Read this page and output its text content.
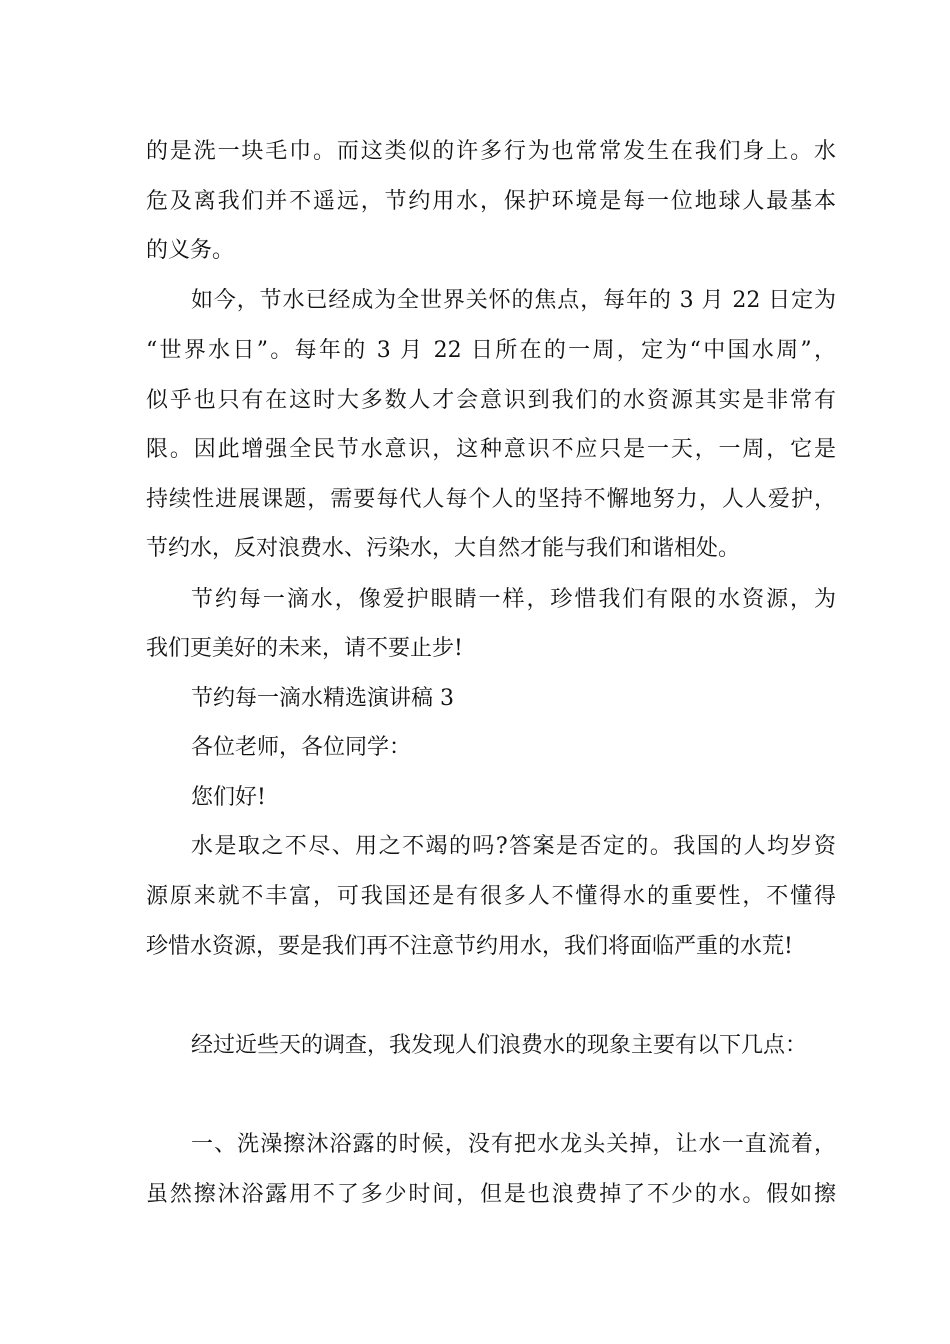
的是洗一块毛巾。而这类似的许多行为也常常发生在我们身上。水
危及离我们并不遥远，节约用水，保护环境是每一位地球人最基本
的义务。
如今，节水已经成为全世界关怀的焦点，每年的 3 月 22 日定为
“世界水日”。每年的 3 月 22 日所在的一周，定为“中国水周”，
似乎也只有在这时大多数人才会意识到我们的水资源其实是非常有
限。因此增强全民节水意识，这种意识不应只是一天，一周，它是
持续性进展课题，需要每代人每个人的坚持不懈地努力，人人爱护，
节约水，反对浪费水、污染水，大自然才能与我们和谐相处。
节约每一滴水，像爱护眼睛一样，珍惜我们有限的水资源，为
我们更美好的未来，请不要止步!
节约每一滴水精选演讲稿 3
各位老师，各位同学：
您们好!
水是取之不尽、用之不竭的吗?答案是否定的。我国的人均岁资
源原来就不丰富，可我国还是有很多人不懂得水的重要性，不懂得
珍惜水资源，要是我们再不注意节约用水，我们将面临严重的水荒!
经过近些天的调查，我发现人们浪费水的现象主要有以下几点：
一、洗澡擦沐浴露的时候，没有把水龙头关掉，让水一直流着，
虽然擦沐浴露用不了多少时间，但是也浪费掉了不少的水。假如擦
